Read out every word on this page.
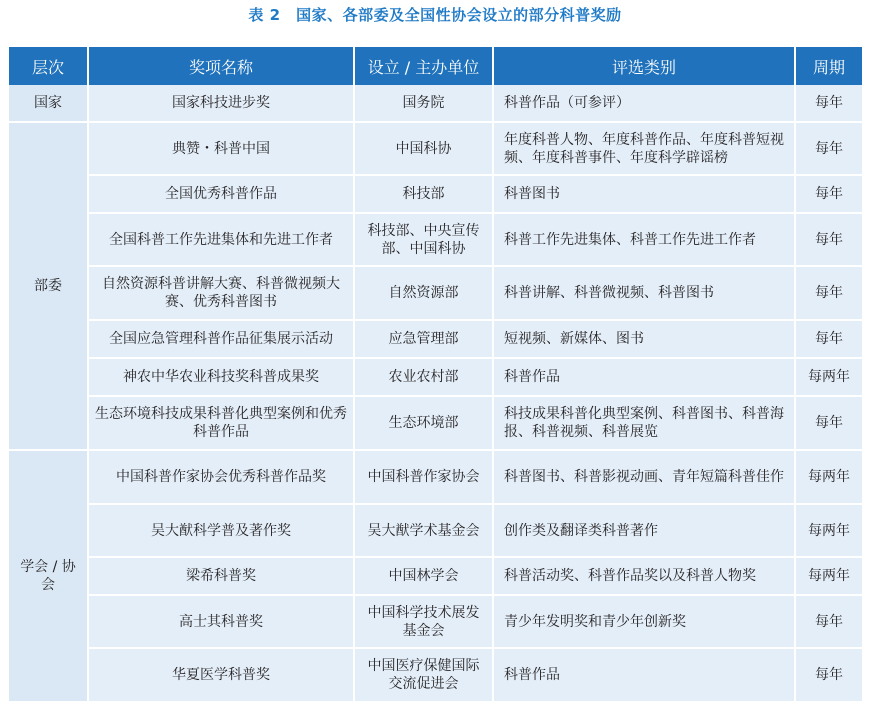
表 2　国家、各部委及全国性协会设立的部分科普奖励
层次	奖项名称	设立 / 主办单位	评选类别	周期
国家	国家科技进步奖	国务院	科普作品（可参评）	每年
部委	典赞・科普中国	中国科协	年度科普人物、年度科普作品、年度科普短视频、年度科普事件、年度科学辟谣榜	每年
	全国优秀科普作品	科技部	科普图书	每年
	全国科普工作先进集体和先进工作者	科技部、中央宣传部、中国科协	科普工作先进集体、科普工作先进工作者	每年
	自然资源科普讲解大赛、科普微视频大赛、优秀科普图书	自然资源部	科普讲解、科普微视频、科普图书	每年
	全国应急管理科普作品征集展示活动	应急管理部	短视频、新媒体、图书	每年
	神农中华农业科技奖科普成果奖	农业农村部	科普作品	每两年
	生态环境科技成果科普化典型案例和优秀科普作品	生态环境部	科技成果科普化典型案例、科普图书、科普海报、科普视频、科普展览	每年
学会 / 协会	中国科普作家协会优秀科普作品奖	中国科普作家协会	科普图书、科普影视动画、青年短篇科普佳作	每两年
	吴大猷科学普及著作奖	吴大猷学术基金会	创作类及翻译类科普著作	每两年
	梁希科普奖	中国林学会	科普活动奖、科普作品奖以及科普人物奖	每两年
	高士其科普奖	中国科学技术展发基金会	青少年发明奖和青少年创新奖	每年
	华夏医学科普奖	中国医疗保健国际交流促进会	科普作品	每年
